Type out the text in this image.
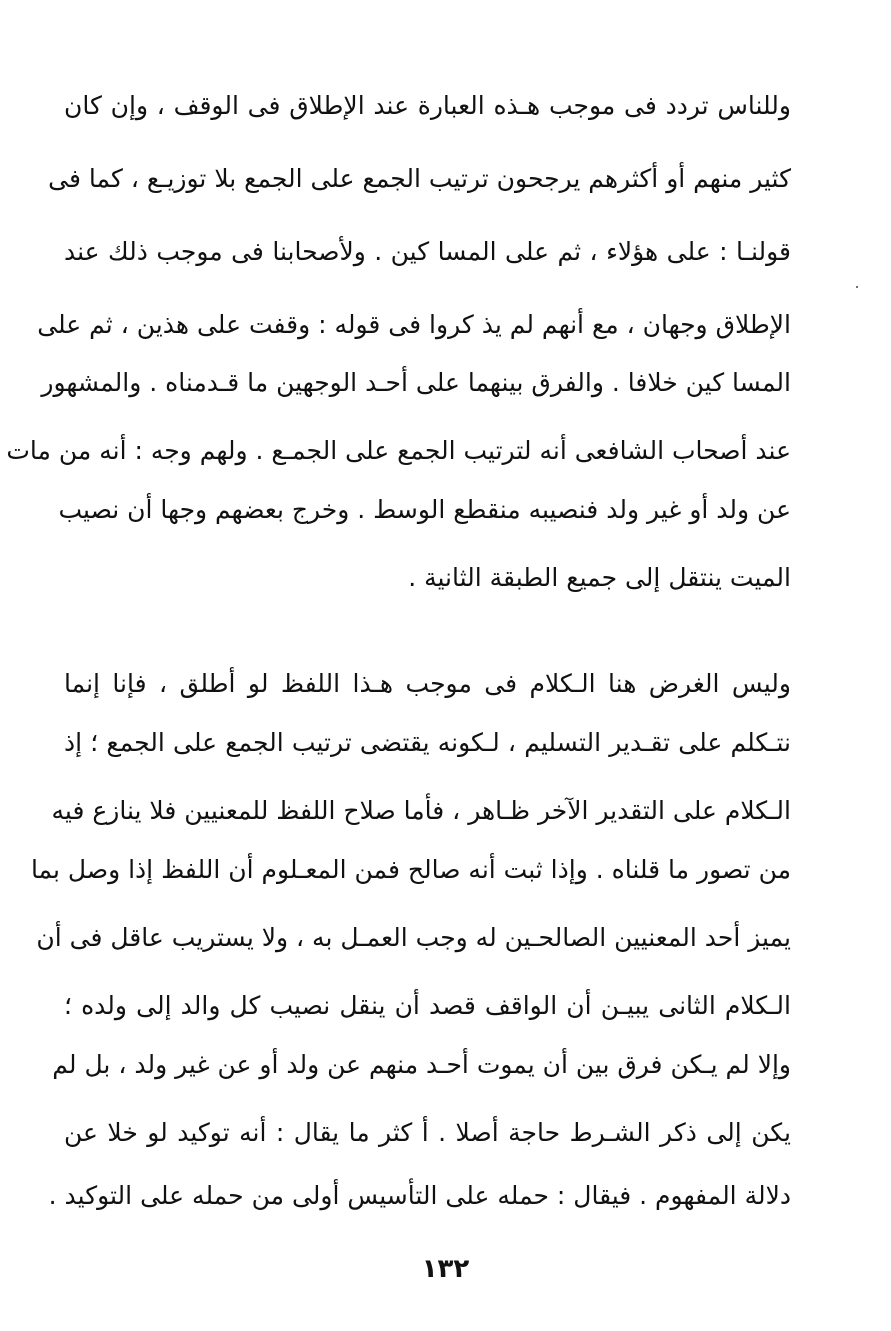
وللناس تردد فى موجب هـذه العبارة عند الإطلاق فى الوقف ، وإن كان
كثير منهم أو أكثرهم يرجحون ترتيب الجمع على الجمع بلا توزيـع ، كما فى
قولنـا : على هؤلاء ، ثم على المسا كين . ولأصحابنا فى موجب ذلك عند
الإطلاق وجهان ، مع أنهم لم يذ كروا فى قوله : وقفت على هذين ، ثم على
المسا كين خلافا . والفرق بينهما على أحـد الوجهين ما قـدمناه . والمشهور
عند أصحاب الشافعى أنه لترتيب الجمع على الجمـع . ولهم وجه : أنه من مات
عن ولد أو غير ولد فنصيبه منقطع الوسط . وخرج بعضهم وجها أن نصيب
الميت ينتقل إلى جميع الطبقة الثانية .
وليس الغرض هنا الـكلام فى موجب هـذا اللفظ لو أطلق ، فإنا إنما
نتـكلم على تقـدير التسليم ، لـكونه يقتضى ترتيب الجمع على الجمع ؛ إذ
الـكلام على التقدير الآخر ظـاهر ، فأما صلاح اللفظ للمعنيين فلا ينازع فيه
من تصور ما قلناه . وإذا ثبت أنه صالح فمن المعـلوم أن اللفظ إذا وصل بما
يميز أحد المعنيين الصالحـين له وجب العمـل به ، ولا يستريب عاقل فى أن
الـكلام الثانى يبيـن أن الواقف قصد أن ينقل نصيب كل والد إلى ولده ؛
وإلا لم يـكن فرق بين أن يموت أحـد منهم عن ولد أو عن غير ولد ، بل لم
يكن إلى ذكر الشـرط حاجة أصلا . أ كثر ما يقال : أنه توكيد لو خلا عن
دلالة المفهوم . فيقال : حمله على التأسيس أولى من حمله على التوكيد .
١٣٢
